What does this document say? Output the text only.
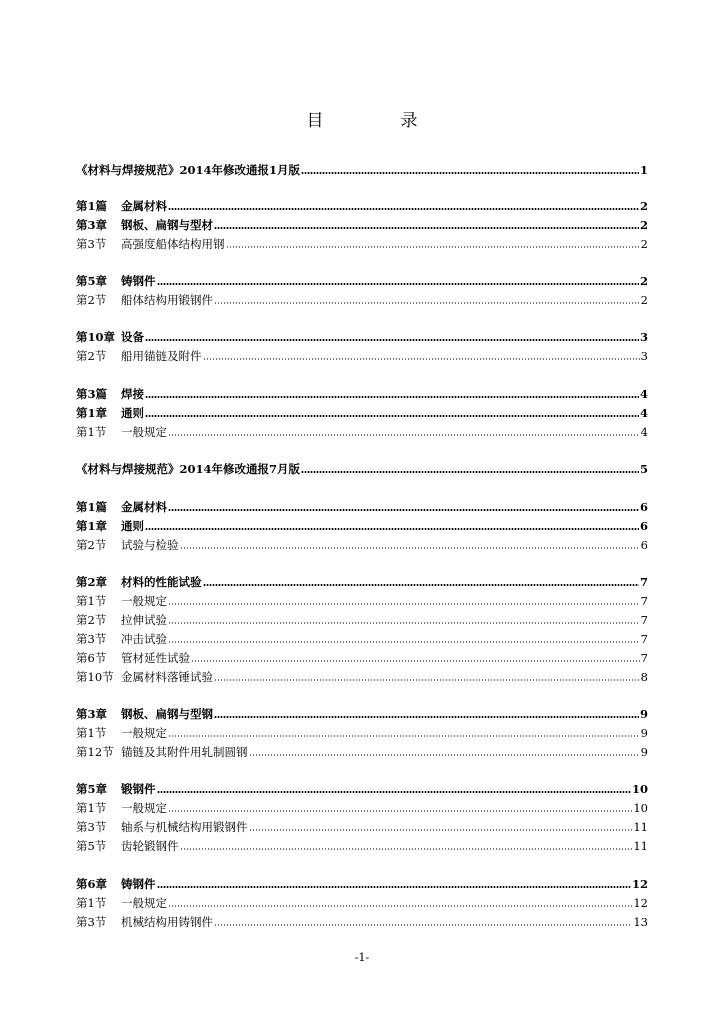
目　录
《材料与焊接规范》2014年修改通报1月版	1
第1篇	金属材料	2
第3章	钢板、扁钢与型材	2
第3节	高强度船体结构用钢	2
第5章	铸钢件	2
第2节	船体结构用锻钢件	2
第10章 设备	3
第2节	船用锚链及附件	3
第3篇	焊接	4
第1章	通则	4
第1节	一般规定	4
《材料与焊接规范》2014年修改通报7月版	5
第1篇	金属材料	6
第1章	通则	6
第2节	试验与检验	6
第2章	材料的性能试验	7
第1节	一般规定	7
第2节	拉伸试验	7
第3节	冲击试验	7
第6节	管材延性试验	7
第10节 金属材料落锤试验	8
第3章	钢板、扁钢与型钢	9
第1节	一般规定	9
第12节 锚链及其附件用轧制圆钢	9
第5章	锻钢件	10
第1节	一般规定	10
第3节	轴系与机械结构用锻钢件	11
第5节	齿轮锻钢件	11
第6章	铸钢件	12
第1节	一般规定	12
第3节	机械结构用铸钢件	13
-1-
